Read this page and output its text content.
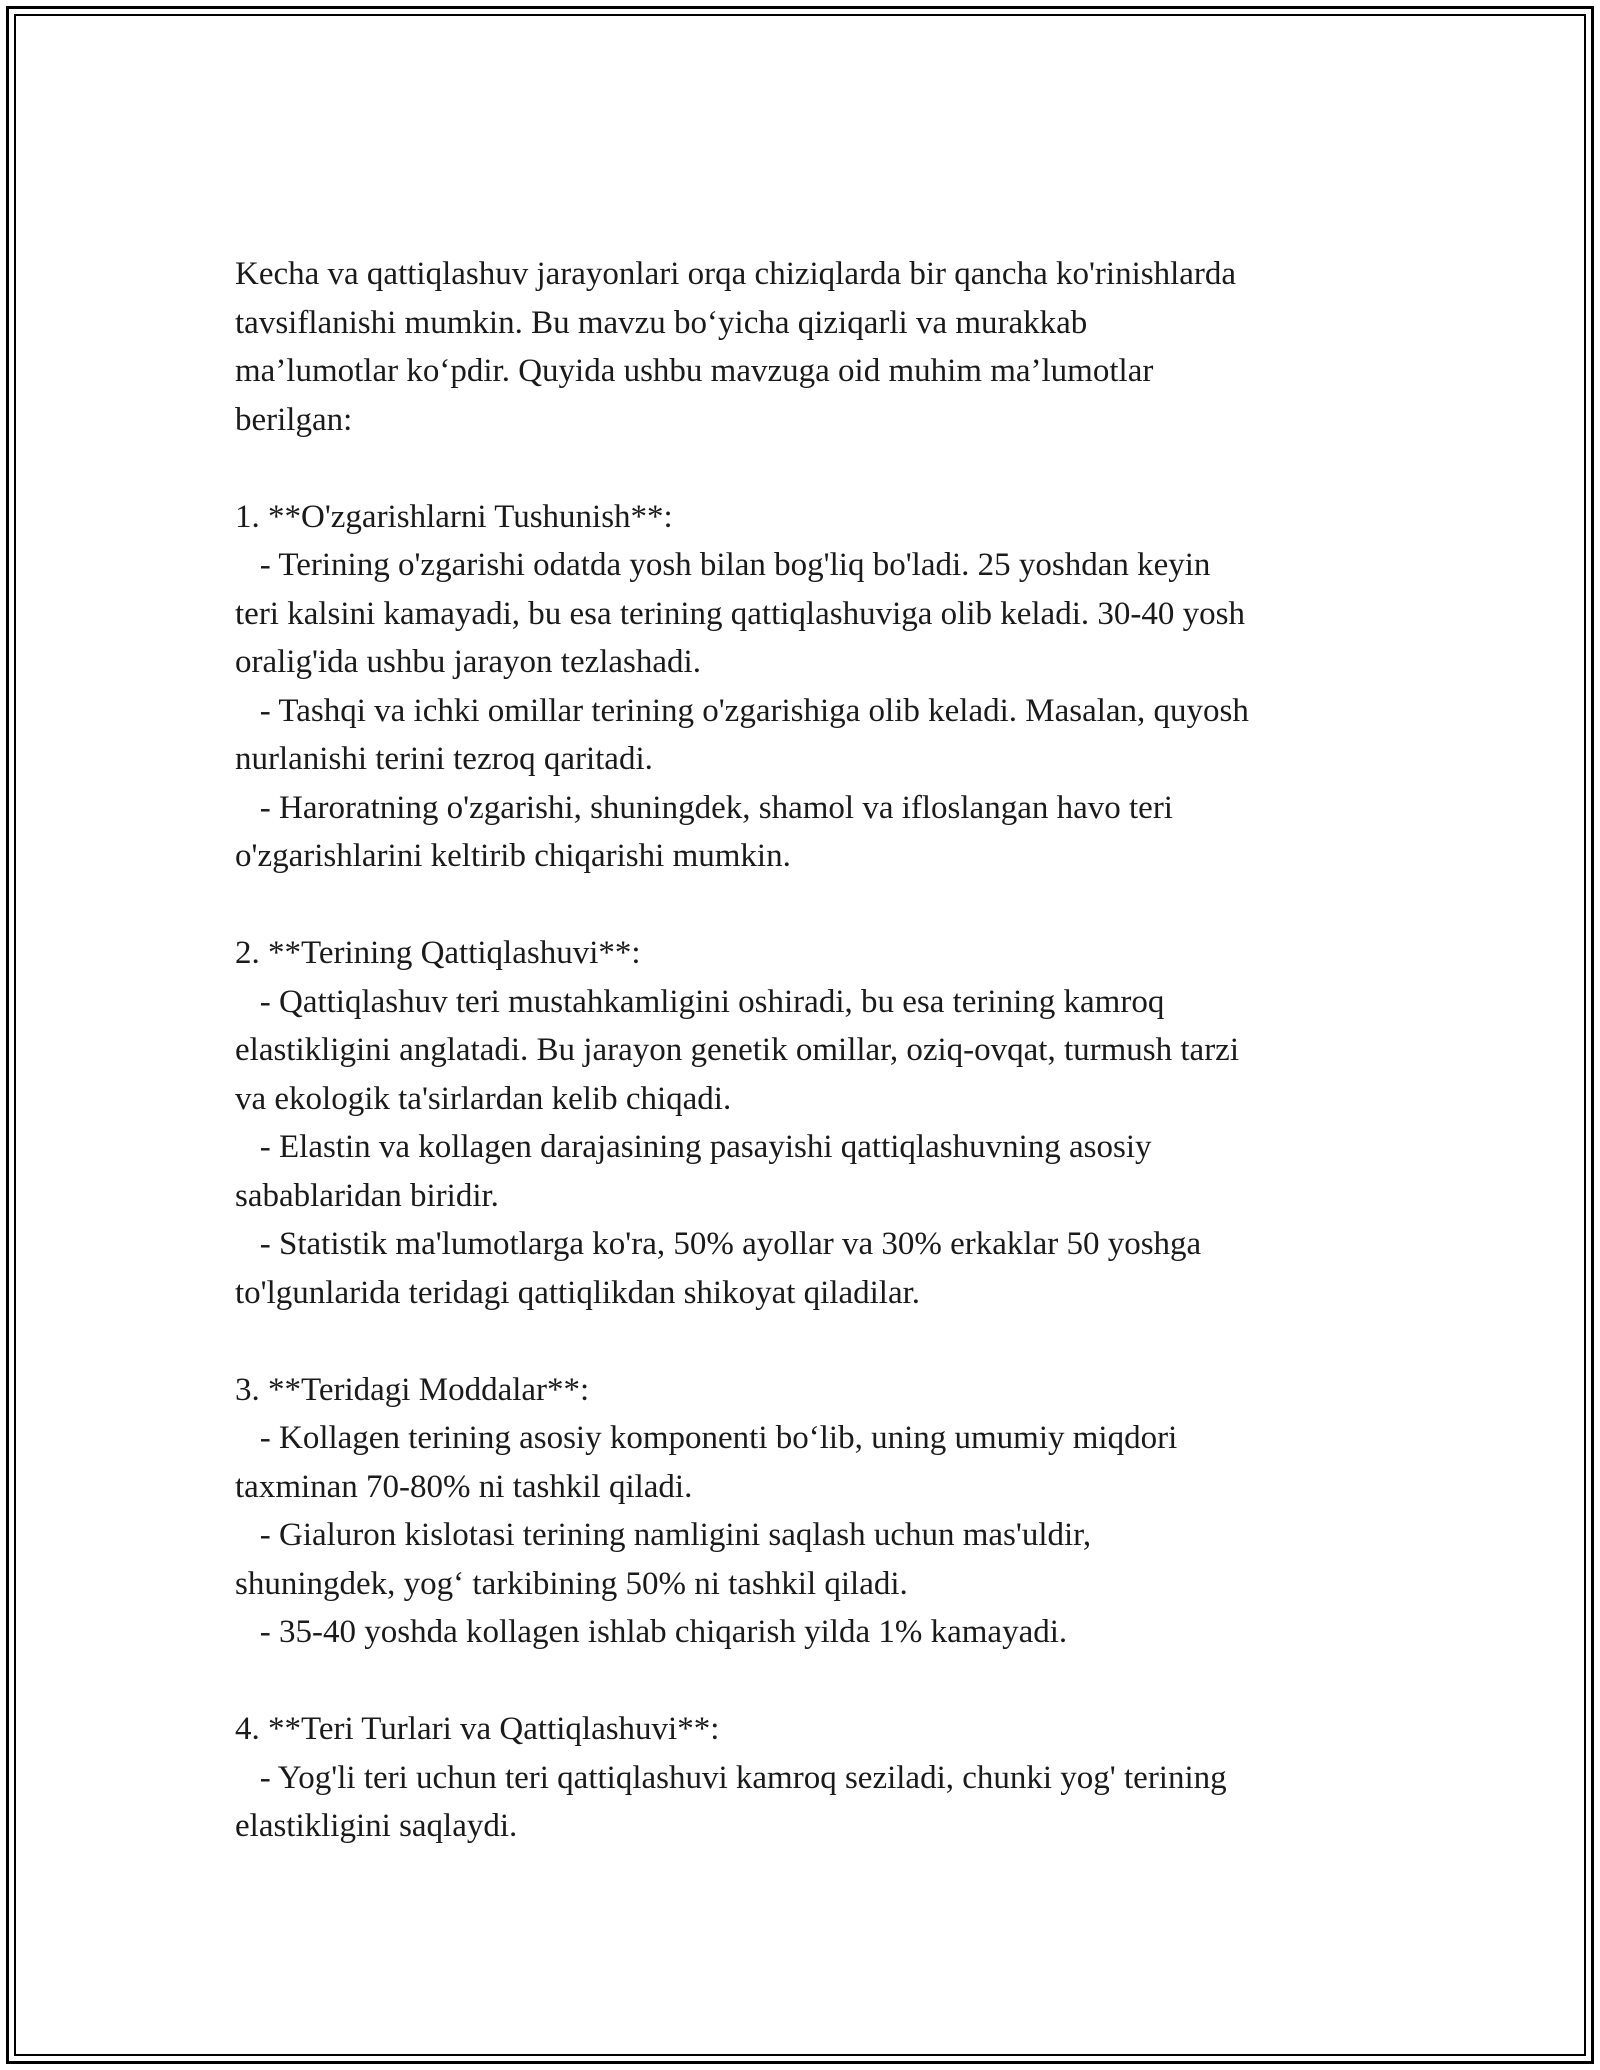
Kecha va qattiqlashuv jarayonlari orqa chiziqlarda bir qancha ko'rinishlarda

tavsiflanishi mumkin. Bu mavzu bo‘yicha qiziqarli va murakkab

ma’lumotlar ko‘pdir. Quyida ushbu mavzuga oid muhim ma’lumotlar

berilgan:

1. **O'zgarishlarni Tushunish**:

- Terining o'zgarishi odatda yosh bilan bog'liq bo'ladi. 25 yoshdan keyin

teri kalsini kamayadi, bu esa terining qattiqlashuviga olib keladi. 30-40 yosh

oralig'ida ushbu jarayon tezlashadi.

- Tashqi va ichki omillar terining o'zgarishiga olib keladi. Masalan, quyosh

nurlanishi terini tezroq qaritadi.

- Haroratning o'zgarishi, shuningdek, shamol va ifloslangan havo teri

o'zgarishlarini keltirib chiqarishi mumkin.

2. **Terining Qattiqlashuvi**:

- Qattiqlashuv teri mustahkamligini oshiradi, bu esa terining kamroq

elastikligini anglatadi. Bu jarayon genetik omillar, oziq-ovqat, turmush tarzi

va ekologik ta'sirlardan kelib chiqadi.

- Elastin va kollagen darajasining pasayishi qattiqlashuvning asosiy

sabablaridan biridir.

- Statistik ma'lumotlarga ko'ra, 50% ayollar va 30% erkaklar 50 yoshga

to'lgunlarida teridagi qattiqlikdan shikoyat qiladilar.

3. **Teridagi Moddalar**:

- Kollagen terining asosiy komponenti bo‘lib, uning umumiy miqdori

taxminan 70-80% ni tashkil qiladi.

- Gialuron kislotasi terining namligini saqlash uchun mas'uldir,

shuningdek, yog‘ tarkibining 50% ni tashkil qiladi.

- 35-40 yoshda kollagen ishlab chiqarish yilda 1% kamayadi.

4. **Teri Turlari va Qattiqlashuvi**:

- Yog'li teri uchun teri qattiqlashuvi kamroq seziladi, chunki yog' terining

elastikligini saqlaydi.
